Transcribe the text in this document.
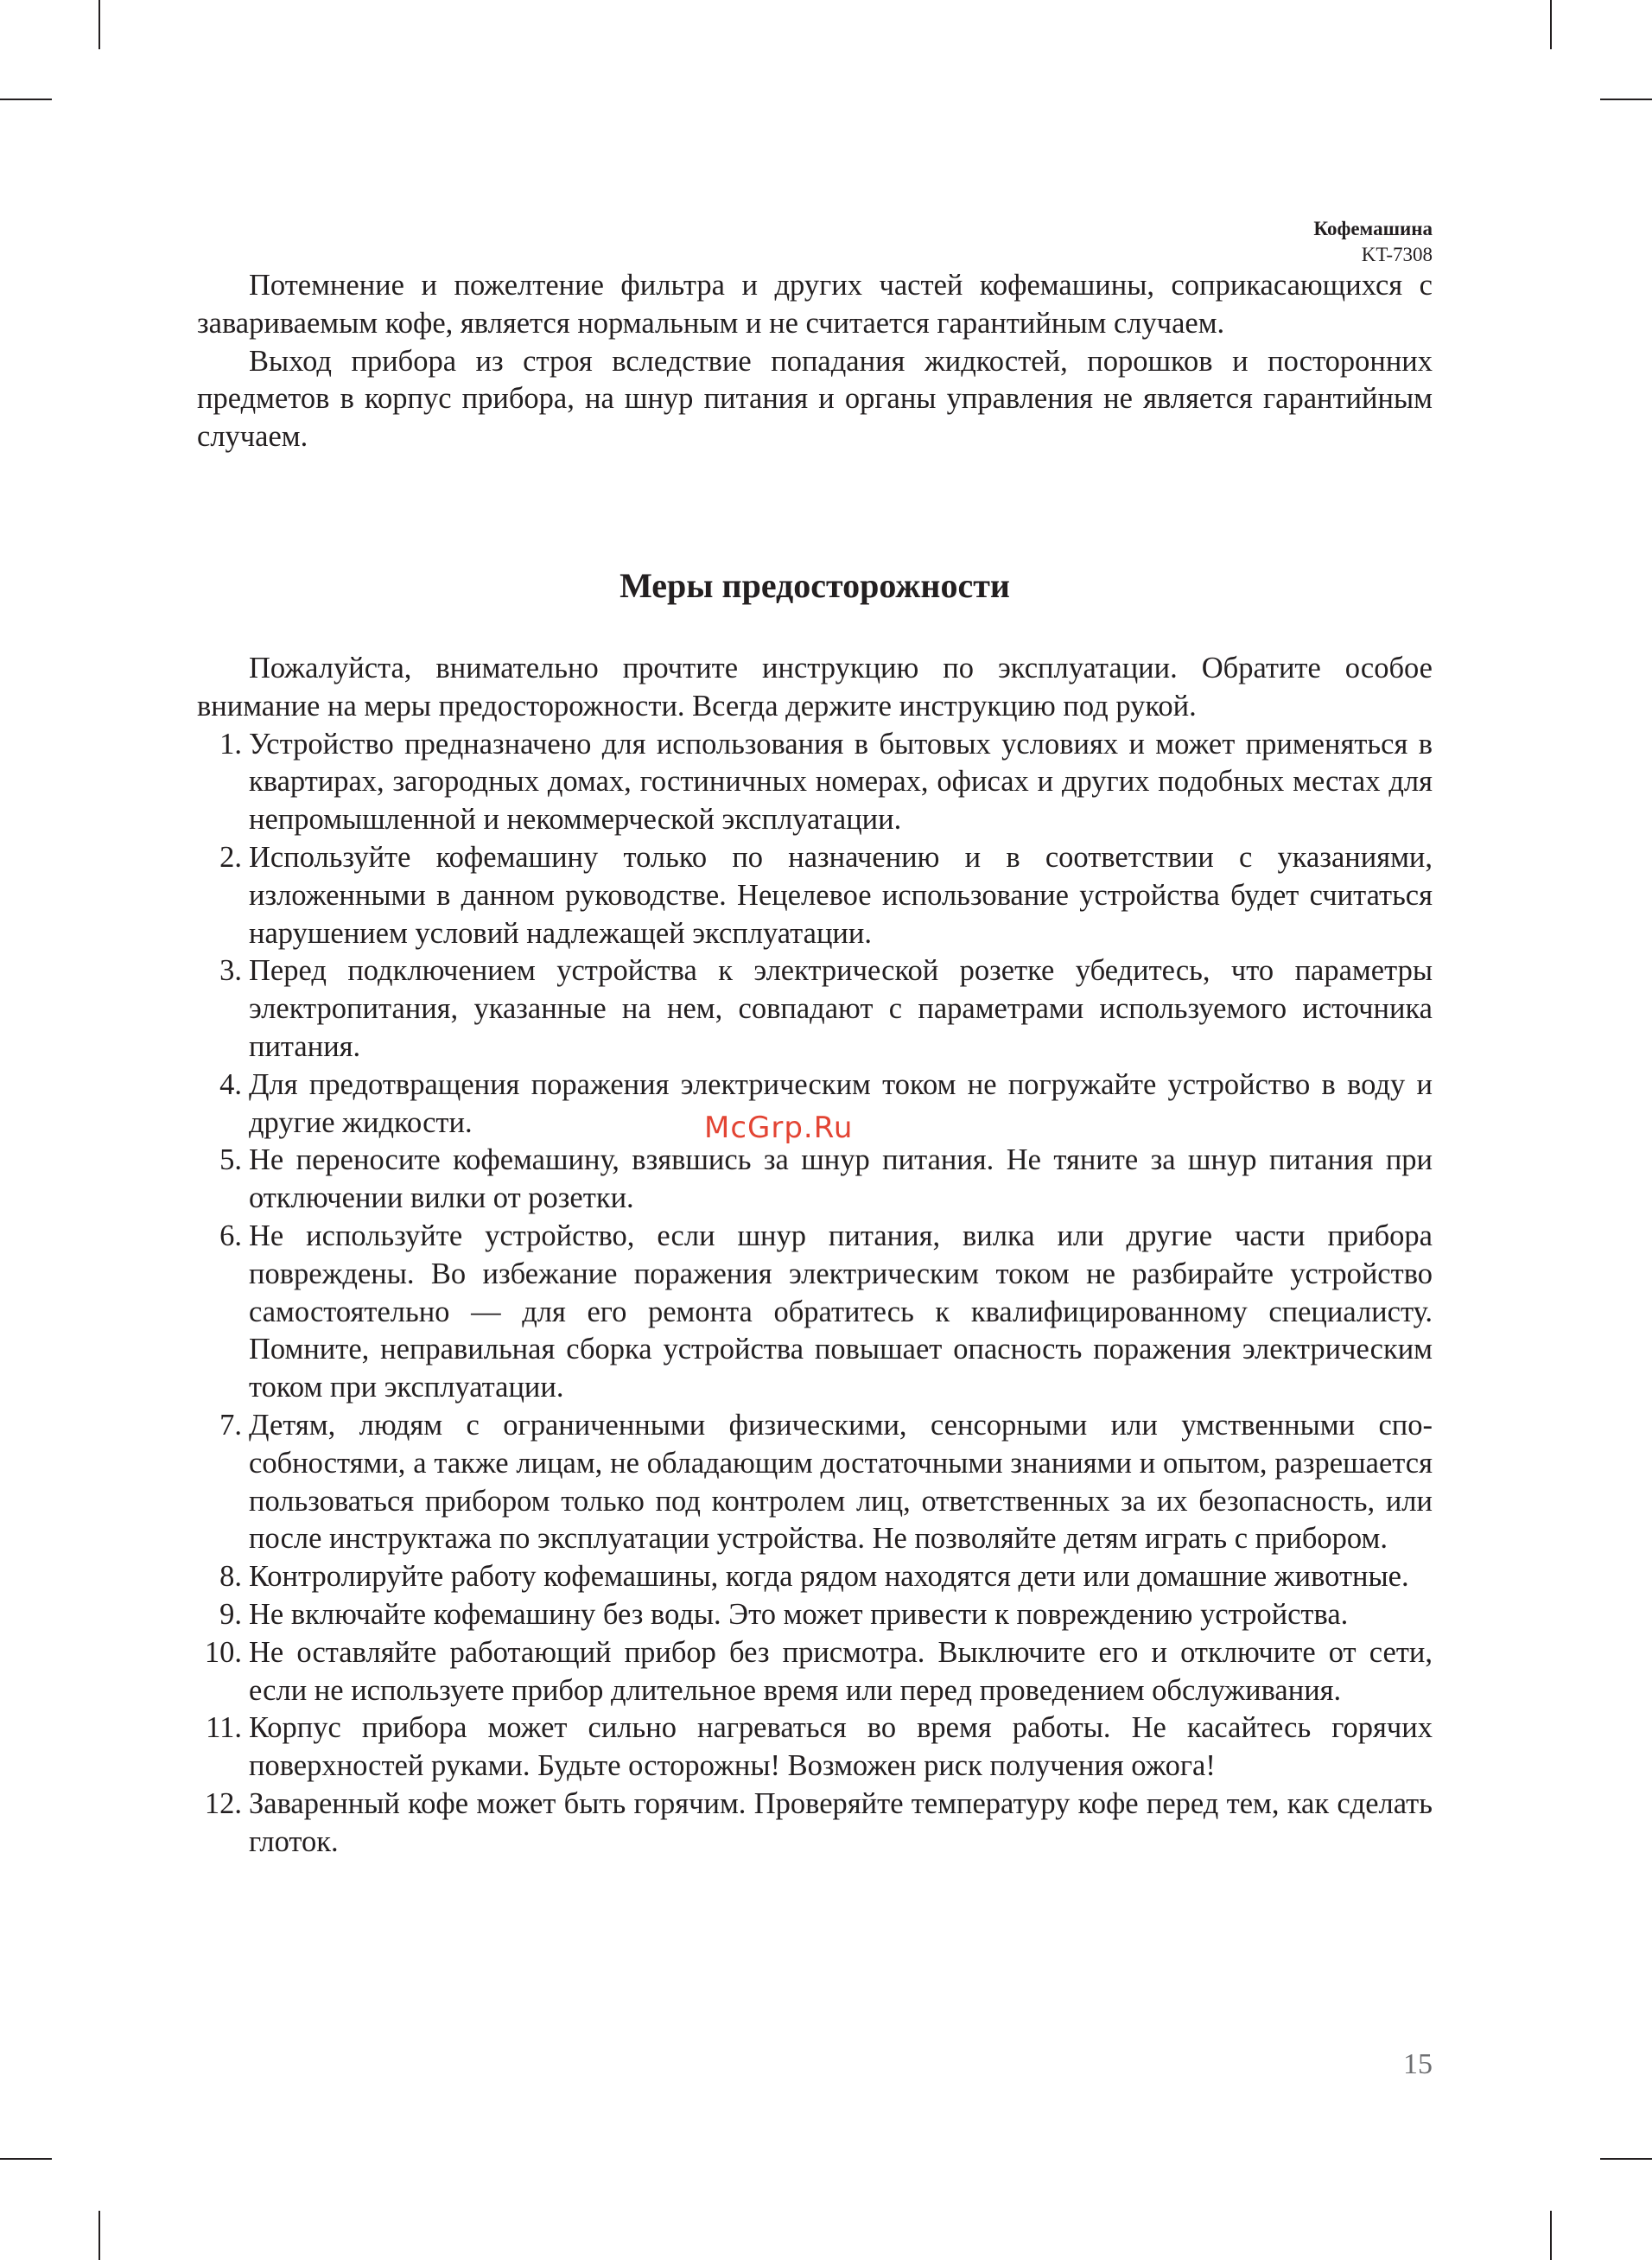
Кофемашина
KT-7308

Потемнение и пожелтение фильтра и других частей кофемашины, соприкасающихся с завариваемым кофе, является нормальным и не считается гарантийным случаем.

Выход прибора из строя вследствие попадания жидкостей, порошков и посторонних предметов в корпус прибора, на шнур питания и органы управления не является гарантийным случаем.

Меры предосторожности

Пожалуйста, внимательно прочтите инструкцию по эксплуатации. Обратите особое внимание на меры предосторожности. Всегда держите инструкцию под рукой.

1. Устройство предназначено для использования в бытовых условиях и может применяться в квартирах, загородных домах, гостиничных номерах, офисах и других подобных местах для непромышленной и некоммерческой эксплуатации.
2. Используйте кофемашину только по назначению и в соответствии с указаниями, изложенными в данном руководстве. Нецелевое использование устройства будет считаться нарушением условий надлежащей эксплуатации.
3. Перед подключением устройства к электрической розетке убедитесь, что параметры электропитания, указанные на нем, совпадают с параметрами используемого источника питания.
4. Для предотвращения поражения электрическим током не погружайте устройство в воду и другие жидкости.
5. Не переносите кофемашину, взявшись за шнур питания. Не тяните за шнур питания при отключении вилки от розетки.
6. Не используйте устройство, если шнур питания, вилка или другие части прибора повреждены. Во избежание поражения электрическим током не разбирайте устройство самостоятельно — для его ремонта обратитесь к квалифицированному специалисту. Помните, неправильная сборка устройства повышает опасность поражения электрическим током при эксплуатации.
7. Детям, людям с ограниченными физическими, сенсорными или умственными способностями, а также лицам, не обладающим достаточными знаниями и опытом, разрешается пользоваться прибором только под контролем лиц, ответственных за их безопасность, или после инструктажа по эксплуатации устройства. Не позволяйте детям играть с прибором.
8. Контролируйте работу кофемашины, когда рядом находятся дети или домашние животные.
9. Не включайте кофемашину без воды. Это может привести к повреждению устройства.
10. Не оставляйте работающий прибор без присмотра. Выключите его и отключите от сети, если не используете прибор длительное время или перед проведением обслуживания.
11. Корпус прибора может сильно нагреваться во время работы. Не касайтесь горячих поверхностей руками. Будьте осторожны! Возможен риск получения ожога!
12. Заваренный кофе может быть горячим. Проверяйте температуру кофе перед тем, как сделать глоток.
15
McGrp.Ru
